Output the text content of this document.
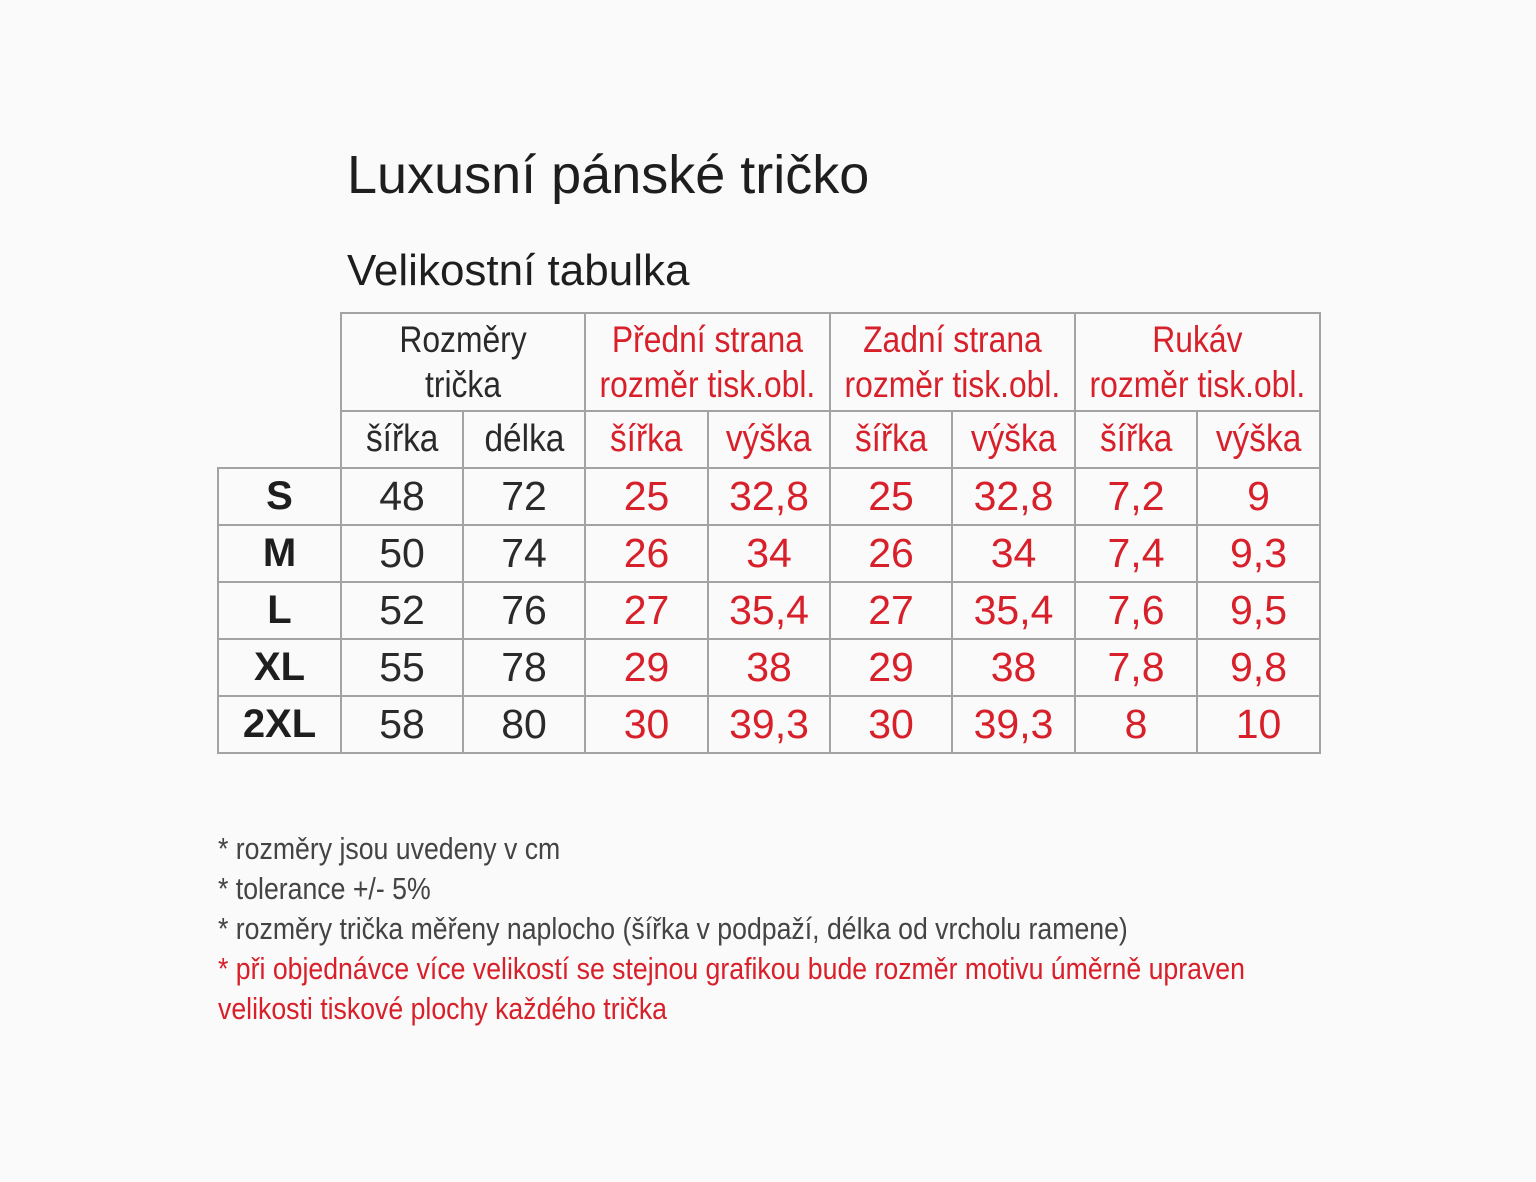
Luxusní pánské tričko
Velikostní tabulka
Rozměry
trička
šířka délka
Přední strana
rozměr tisk.obl.
šířka výška
Zadní strana
rozměr tisk.obl.
šířka výška
Rukáv
rozměr tisk.obl.
šířka výška
S 48 72 25 32,8 25 32,8 7,2 9
M 50 74 26 34 26 34 7,4 9,3
L 52 76 27 35,4 27 35,4 7,6 9,5
XL 55 78 29 38 29 38 7,8 9,8
2XL 58 80 30 39,3 30 39,3 8 10
* rozměry jsou uvedeny v cm
* tolerance +/- 5%
* rozměry trička měřeny naplocho (šířka v podpaží, délka od vrcholu ramene)
* při objednávce více velikostí se stejnou grafikou bude rozměr motivu úměrně upraven
velikosti tiskové plochy každého trička
